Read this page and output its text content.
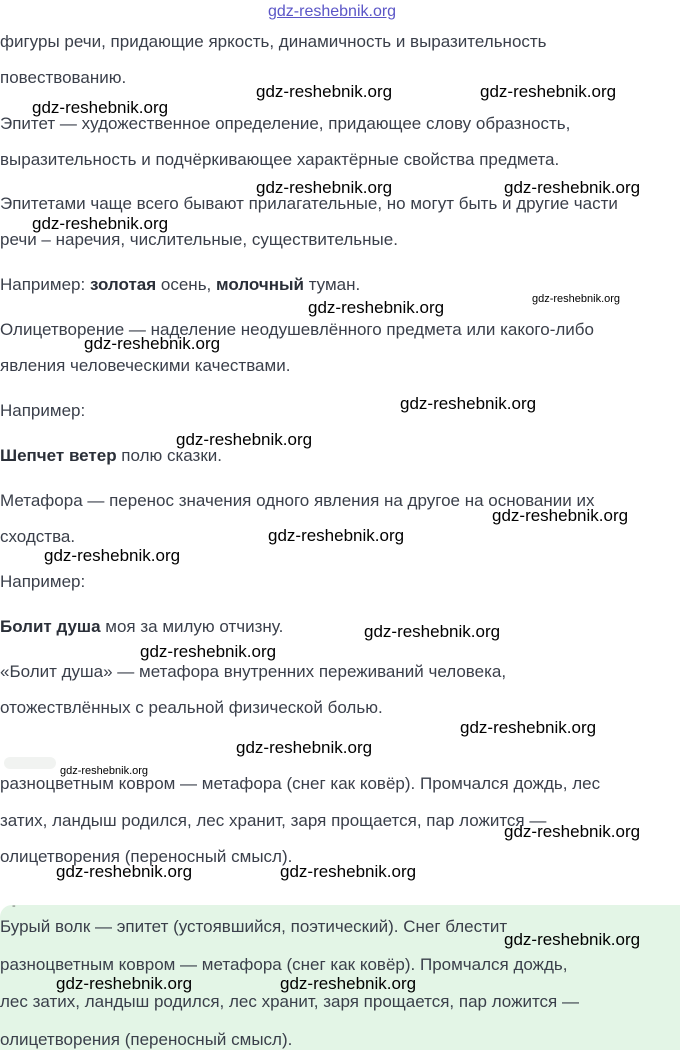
-
фигуры речи, придающие яркость, динамичность и выразительность
повествованию.
Эпитет — художественное определение, придающее слову образность,
выразительность и подчёркивающее характёрные свойства предмета.
Эпитетами чаще всего бывают прилагательные, но могут быть и другие части
речи – наречия, числительные, существительные.
Например: золотая осень, молочный туман.
Олицетворение — наделение неодушевлённого предмета или какого-либо
явления человеческими качествами.
Например:
Шепчет ветер полю сказки.
Метафора — перенос значения одного явления на другое на основании их
сходства.
Например:
Болит душа моя за милую отчизну.
«Болит душа» — метафора внутренних переживаний человека,
отожествлённых с реальной физической болью.
разноцветным ковром — метафора (снег как ковёр). Промчался дождь, лес
затих, ландыш родился, лес хранит, заря прощается, пар ложится —
олицетворения (переносный смысл).
Бурый волк — эпитет (устоявшийся, поэтический). Снег блестит
разноцветным ковром — метафора (снег как ковёр). Промчался дождь,
лес затих, ландыш родился, лес хранит, заря прощается, пар ложится —
олицетворения (переносный смысл).
gdz-reshebnik.org
gdz-reshebnik.org
gdz-reshebnik.org	gdz-reshebnik.org
gdz-reshebnik.org	gdz-reshebnik.org
gdz-reshebnik.org
gdz-reshebnik.org	gdz-reshebnik.org
gdz-reshebnik.org
gdz-reshebnik.org
gdz-reshebnik.org
gdz-reshebnik.org
gdz-reshebnik.org
gdz-reshebnik.org
gdz-reshebnik.org
gdz-reshebnik.org
gdz-reshebnik.org
gdz-reshebnik.org
gdz-reshebnik.org
gdz-reshebnik.org
gdz-reshebnik.org	gdz-reshebnik.org
gdz-reshebnik.org
gdz-reshebnik.org	gdz-reshebnik.org
